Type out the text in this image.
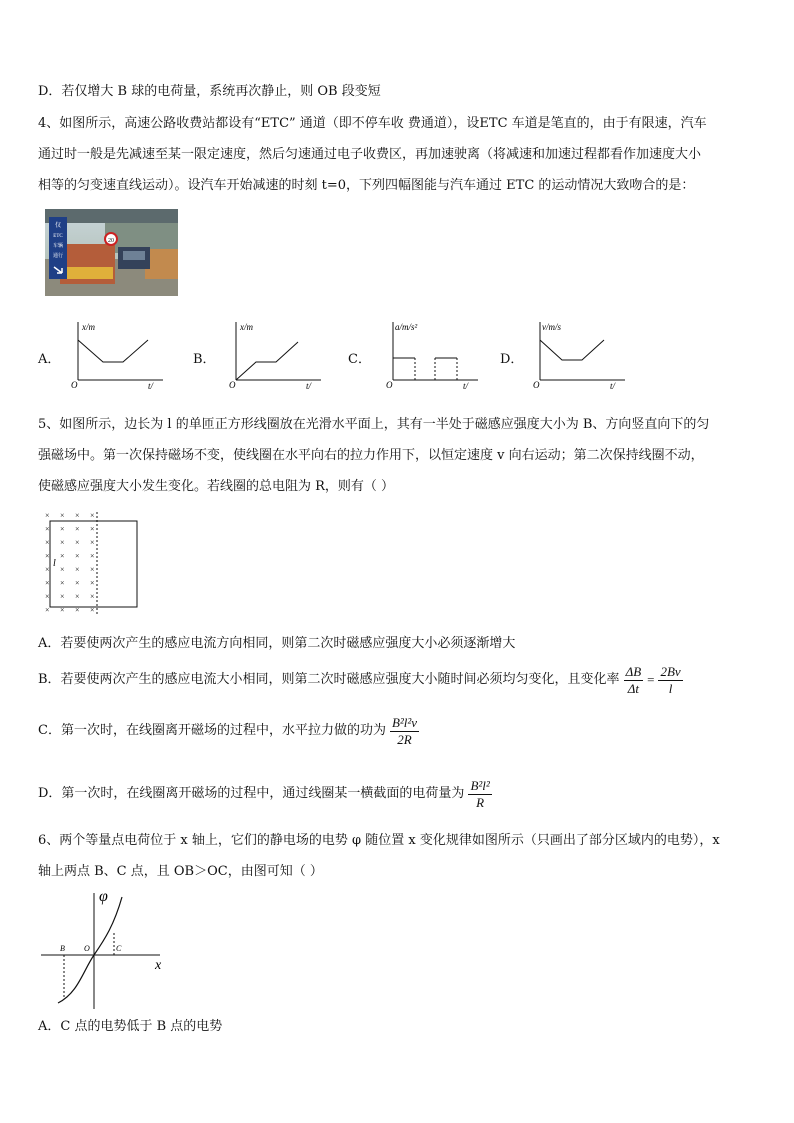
D．若仅增大 B 球的电荷量，系统再次静止，则 OB 段变短
4、如图所示，高速公路收费站都设有“ETC” 通道（即不停车收 费通道），设ETC 车道是笔直的，由于有限速，汽车
通过时一般是先减速至某一限定速度，然后匀速通过电子收费区，再加速驶离（将减速和加速过程都看作加速度大小
相等的匀变速直线运动）。设汽车开始减速的时刻 t=0，下列四幅图能与汽车通过 ETC 的运动情况大致吻合的是：
20
仅
ETC
车辆
通行
A．	B．	C．	D．
x/m
t/
O
x/m
t/
O
a/m/s²
t/
O
v/m/s
t/
O
5、如图所示，边长为 l 的单匝正方形线圈放在光滑水平面上，其有一半处于磁感应强度大小为 B、方向竖直向下的匀
强磁场中。第一次保持磁场不变，使线圈在水平向右的拉力作用下，以恒定速度 v 向右运动；第二次保持线圈不动，
使磁感应强度大小发生变化。若线圈的总电阻为 R，则有（ ）
× × × ×
× × × ×
× × × ×
× × × ×
× × × ×
× × × ×
× × × ×
× × × ×
l
A．若要使两次产生的感应电流方向相同，则第二次时磁感应强度大小必须逐渐增大
B．若要使两次产生的感应电流大小相同，则第二次时磁感应强度大小随时间必须均匀变化，且变化率 $\frac{\Delta B}{\Delta t} = \frac{2Bv}{l}$
C．第一次时，在线圈离开磁场的过程中，水平拉力做的功为 $\frac{\text{B²l²v}}{2R}$
D．第一次时，在线圈离开磁场的过程中，通过线圈某一横截面的电荷量为 $\frac{\text{B²l²}}{R}$
6、两个等量点电荷位于 x 轴上，它们的静电场的电势 φ 随位置 x 变化规律如图所示（只画出了部分区域内的电势），x
轴上两点 B、C 点，且 OB＞OC，由图可知（ ）
φ
x
B O	C
A．C 点的电势低于 B 点的电势
